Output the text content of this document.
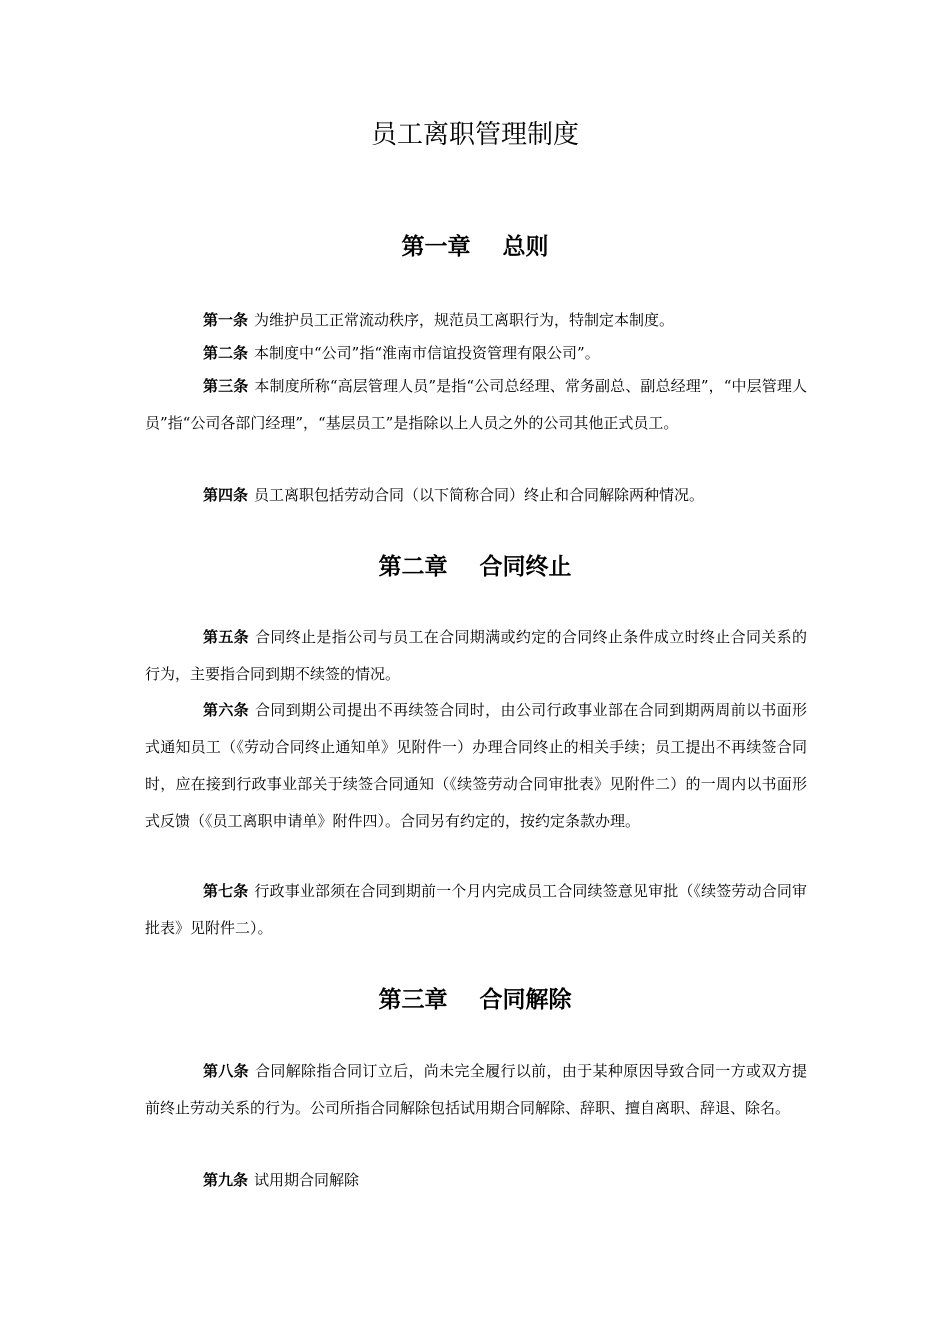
员工离职管理制度
第一章    总则

第一条 为维护员工正常流动秩序，规范员工离职行为，特制定本制度。

第二条 本制度中“公司”指“淮南市信谊投资管理有限公司”。

第三条 本制度所称“高层管理人员”是指“公司总经理、常务副总、副总经理”，“中层管理人员”指“公司各部门经理”，“基层员工”是指除以上人员之外的公司其他正式员工。

第四条 员工离职包括劳动合同（以下简称合同）终止和合同解除两种情况。

第二章    合同终止

第五条 合同终止是指公司与员工在合同期满或约定的合同终止条件成立时终止合同关系的行为，主要指合同到期不续签的情况。

第六条 合同到期公司提出不再续签合同时，由公司行政事业部在合同到期两周前以书面形式通知员工（《劳动合同终止通知单》见附件一）办理合同终止的相关手续；员工提出不再续签合同时，应在接到行政事业部关于续签合同通知（《续签劳动合同审批表》见附件二）的一周内以书面形式反馈（《员工离职申请单》附件四）。合同另有约定的，按约定条款办理。

第七条 行政事业部须在合同到期前一个月内完成员工合同续签意见审批（《续签劳动合同审批表》见附件二）。

第三章    合同解除

第八条 合同解除指合同订立后，尚未完全履行以前，由于某种原因导致合同一方或双方提前终止劳动关系的行为。公司所指合同解除包括试用期合同解除、辞职、擅自离职、辞退、除名。

第九条 试用期合同解除
